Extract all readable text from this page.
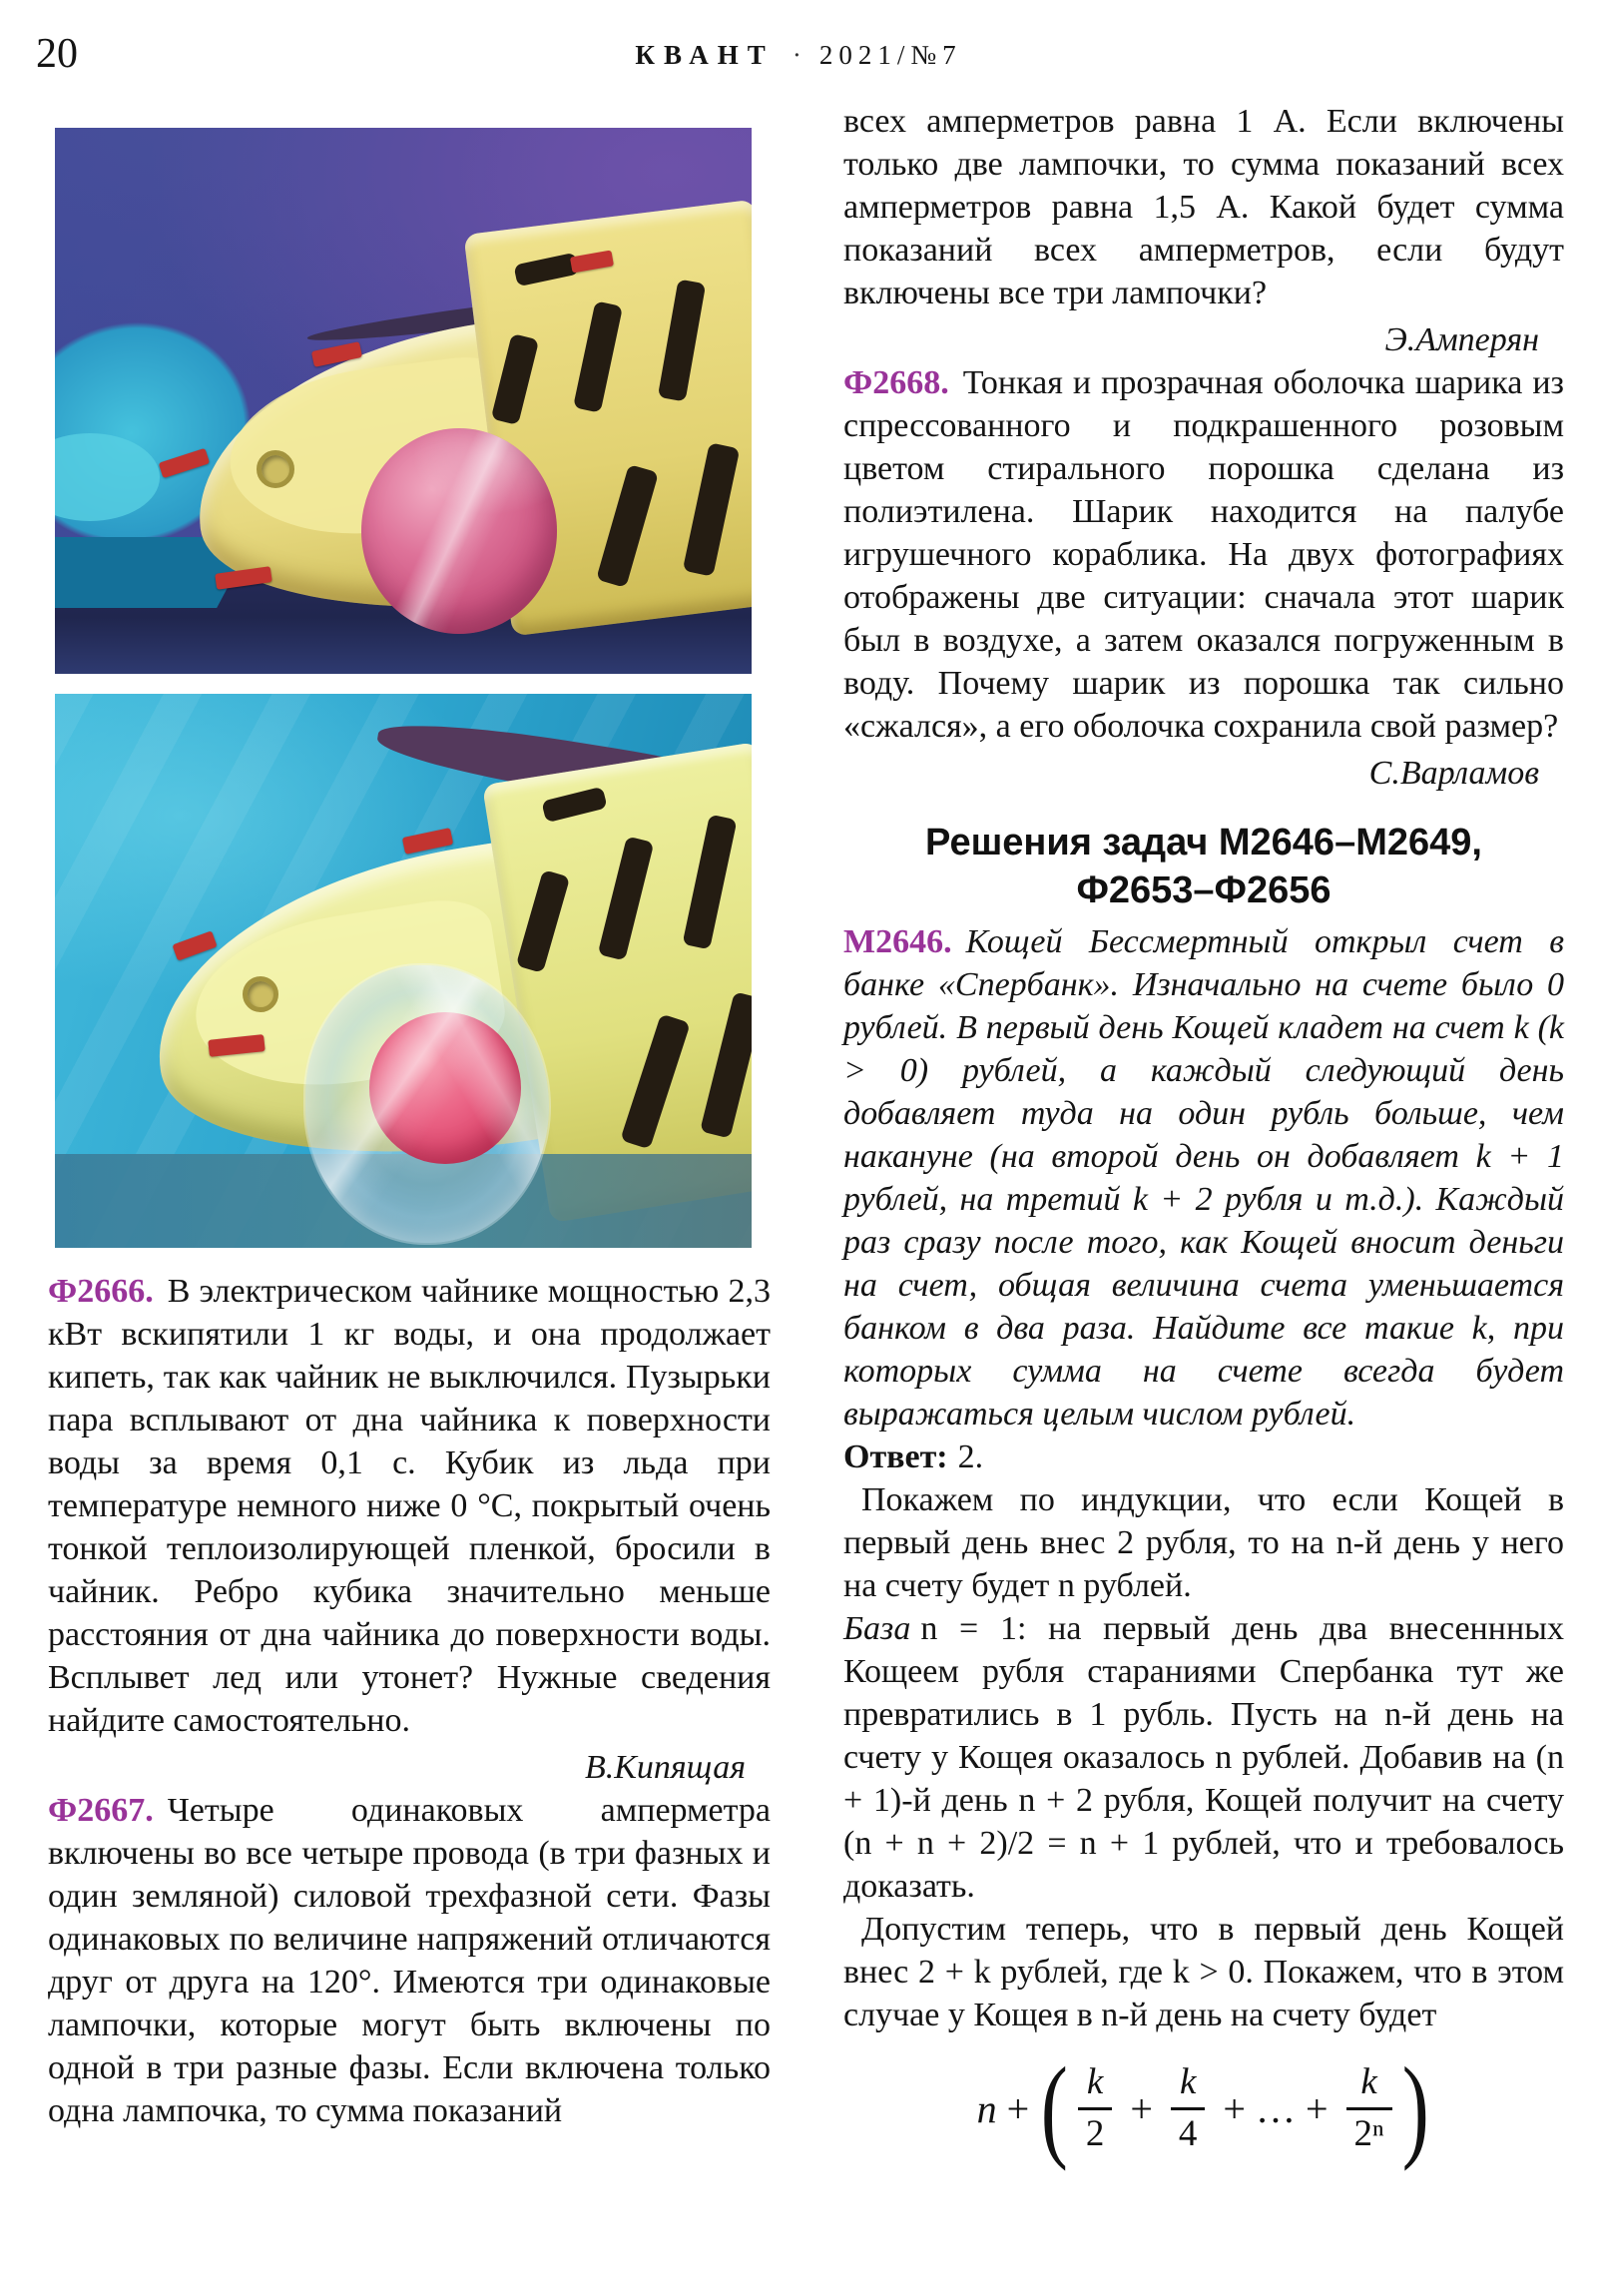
20	КВАНТ · 2021/№7

Ф2666. В электрическом чайнике мощностью 2,3 кВт вскипятили 1 кг воды, и она продолжает кипеть, так как чайник не выключился. Пузырьки пара всплывают от дна чайника к поверхности воды за время 0,1 с. Кубик из льда при температуре немного ниже 0 °С, покрытый очень тонкой теплоизолирующей пленкой, бросили в чайник. Ребро кубика значительно меньше расстояния от дна чайника до поверхности воды. Всплывет лед или утонет? Нужные сведения найдите самостоятельно.

В.Кипящая

Ф2667. Четыре одинаковых амперметра включены во все четыре провода (в три фазных и один земляной) силовой трехфазной сети. Фазы одинаковых по величине напряжений отличаются друг от друга на 120°. Имеются три одинаковые лампочки, которые могут быть включены по одной в три разные фазы. Если включена только одна лампочка, то сумма показаний

всех амперметров равна 1 А. Если включены только две лампочки, то сумма показаний всех амперметров равна 1,5 А. Какой будет сумма показаний всех амперметров, если будут включены все три лампочки?

Э.Амперян

Ф2668. Тонкая и прозрачная оболочка шарика из спрессованного и подкрашенного розовым цветом стирального порошка сделана из полиэтилена. Шарик находится на палубе игрушечного кораблика. На двух фотографиях отображены две ситуации: сначала этот шарик был в воздухе, а затем оказался погруженным в воду. Почему шарик из порошка так сильно «сжался», а его оболочка сохранила свой размер?

С.Варламов

Решения задач М2646–М2649,
Ф2653–Ф2656

М2646. Кощей Бессмертный открыл счет в банке «Спербанк». Изначально на счете было 0 рублей. В первый день Кощей кладет на счет k (k > 0) рублей, а каждый следующий день добавляет туда на один рубль больше, чем накануне (на второй день он добавляет k + 1 рублей, на третий k + 2 рубля и т.д.). Каждый раз сразу после того, как Кощей вносит деньги на счет, общая величина счета уменьшается банком в два раза. Найдите все такие k, при которых сумма на счете всегда будет выражаться целым числом рублей.

Ответ: 2.

Покажем по индукции, что если Кощей в первый день внес 2 рубля, то на n-й день у него на счету будет n рублей.

База n = 1: на первый день два внесеннных Кощеем рубля стараниями Спербанка тут же превратились в 1 рубль. Пусть на n-й день на счету у Кощея оказалось n рублей. Добавив на (n + 1)-й день n + 2 рубля, Кощей получит на счету (n + n + 2)/2 = n + 1 рублей, что и требовалось доказать.

Допустим теперь, что в первый день Кощей внес 2 + k рублей, где k > 0. Покажем, что в этом случае у Кощея в n-й день на счету будет

n + ( $\frac{k}{2} + \frac{k}{4}$ + … + $\frac{k}{\text{2ⁿ}}$ )
